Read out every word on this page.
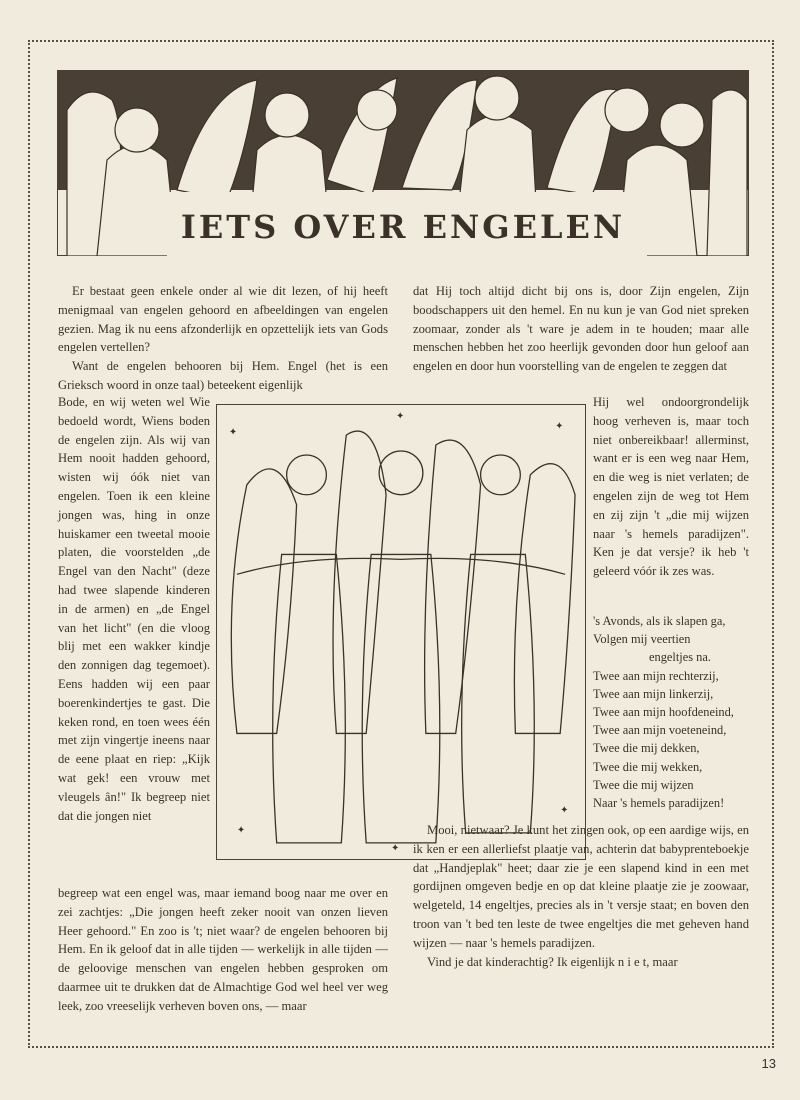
IETS OVER ENGELEN

Er bestaat geen enkele onder al wie dit lezen, of hij heeft menigmaal van engelen gehoord en afbeeldingen van engelen gezien. Mag ik nu eens afzonderlijk en opzettelijk iets van Gods engelen vertellen?

Want de engelen behooren bij Hem. Engel (het is een Grieksch woord in onze taal) beteekent eigenlijk

Bode, en wij weten wel Wie bedoeld wordt, Wiens boden de engelen zijn. Als wij van Hem nooit hadden gehoord, wisten wij óók niet van engelen. Toen ik een kleine jongen was, hing in onze huiskamer een tweetal mooie platen, die voorstelden „de Engel van den Nacht" (deze had twee slapende kinderen in de armen) en „de Engel van het licht" (en die vloog blij met een wakker kindje den zonnigen dag tegemoet). Eens hadden wij een paar boerenkindertjes te gast. Die keken rond, en toen wees één met zijn vingertje ineens naar de eene plaat en riep: „Kijk wat gek! een vrouw met vleugels ân!" Ik begreep niet dat die jongen niet

✦
✦
✦
✦
✦
✦

begreep wat een engel was, maar iemand boog naar me over en zei zachtjes: „Die jongen heeft zeker nooit van onzen lieven Heer gehoord." En zoo is 't; niet waar? de engelen behooren bij Hem. En ik geloof dat in alle tijden — werkelijk in alle tijden — de geloovige menschen van engelen hebben gesproken om daarmee uit te drukken dat de Almachtige God wel heel ver weg leek, zoo vreeselijk verheven boven ons, — maar

dat Hij toch altijd dicht bij ons is, door Zijn engelen, Zijn boodschappers uit den hemel. En nu kun je van God niet spreken zoomaar, zonder als 't ware je adem in te houden; maar alle menschen hebben het zoo heerlijk gevonden door hun geloof aan engelen en door hun voorstelling van de engelen te zeggen dat

Hij wel ondoorgrondelijk hoog verheven is, maar toch niet onbereikbaar! allerminst, want er is een weg naar Hem, en die weg is niet verlaten; de engelen zijn de weg tot Hem en zij zijn 't „die mij wijzen naar 's hemels paradijzen". Ken je dat versje? ik heb 't geleerd vóór ik zes was.

's Avonds, als ik slapen ga,
Volgen mij veertien
engeltjes na.
Twee aan mijn rechterzij,
Twee aan mijn linkerzij,
Twee aan mijn hoofdeneind,
Twee aan mijn voeteneind,
Twee die mij dekken,
Twee die mij wekken,
Twee die mij wijzen
Naar 's hemels paradijzen!

Mooi, nietwaar? Je kunt het zingen ook, op een aardige wijs, en ik ken er een allerliefst plaatje van, achterin dat babyprenteboekje dat „Handjeplak" heet; daar zie je een slapend kind in een met gordijnen omgeven bedje en op dat kleine plaatje zie je zoowaar, welgeteld, 14 engeltjes, precies als in 't versje staat; en boven den troon van 't bed ten leste de twee engeltjes die met geheven hand wijzen — naar 's hemels paradijzen.

Vind je dat kinderachtig? Ik eigenlijk n i e t, maar

13
